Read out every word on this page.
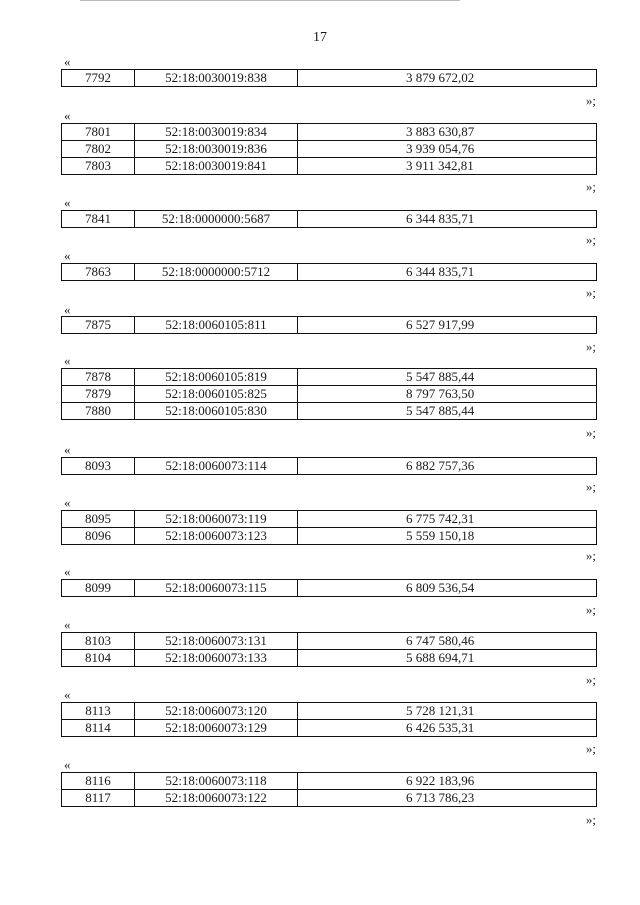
17
«
7792	52:18:0030019:838	3 879 672,02
»;
«
7801	52:18:0030019:834	3 883 630,87
7802	52:18:0030019:836	3 939 054,76
7803	52:18:0030019:841	3 911 342,81
»;
«
7841	52:18:0000000:5687	6 344 835,71
»;
«
7863	52:18:0000000:5712	6 344 835,71
»;
«
7875	52:18:0060105:811	6 527 917,99
»;
«
7878	52:18:0060105:819	5 547 885,44
7879	52:18:0060105:825	8 797 763,50
7880	52:18:0060105:830	5 547 885,44
»;
«
8093	52:18:0060073:114	6 882 757,36
»;
«
8095	52:18:0060073:119	6 775 742,31
8096	52:18:0060073:123	5 559 150,18
»;
«
8099	52:18:0060073:115	6 809 536,54
»;
«
8103	52:18:0060073:131	6 747 580,46
8104	52:18:0060073:133	5 688 694,71
»;
«
8113	52:18:0060073:120	5 728 121,31
8114	52:18:0060073:129	6 426 535,31
»;
«
8116	52:18:0060073:118	6 922 183,96
8117	52:18:0060073:122	6 713 786,23
»;
